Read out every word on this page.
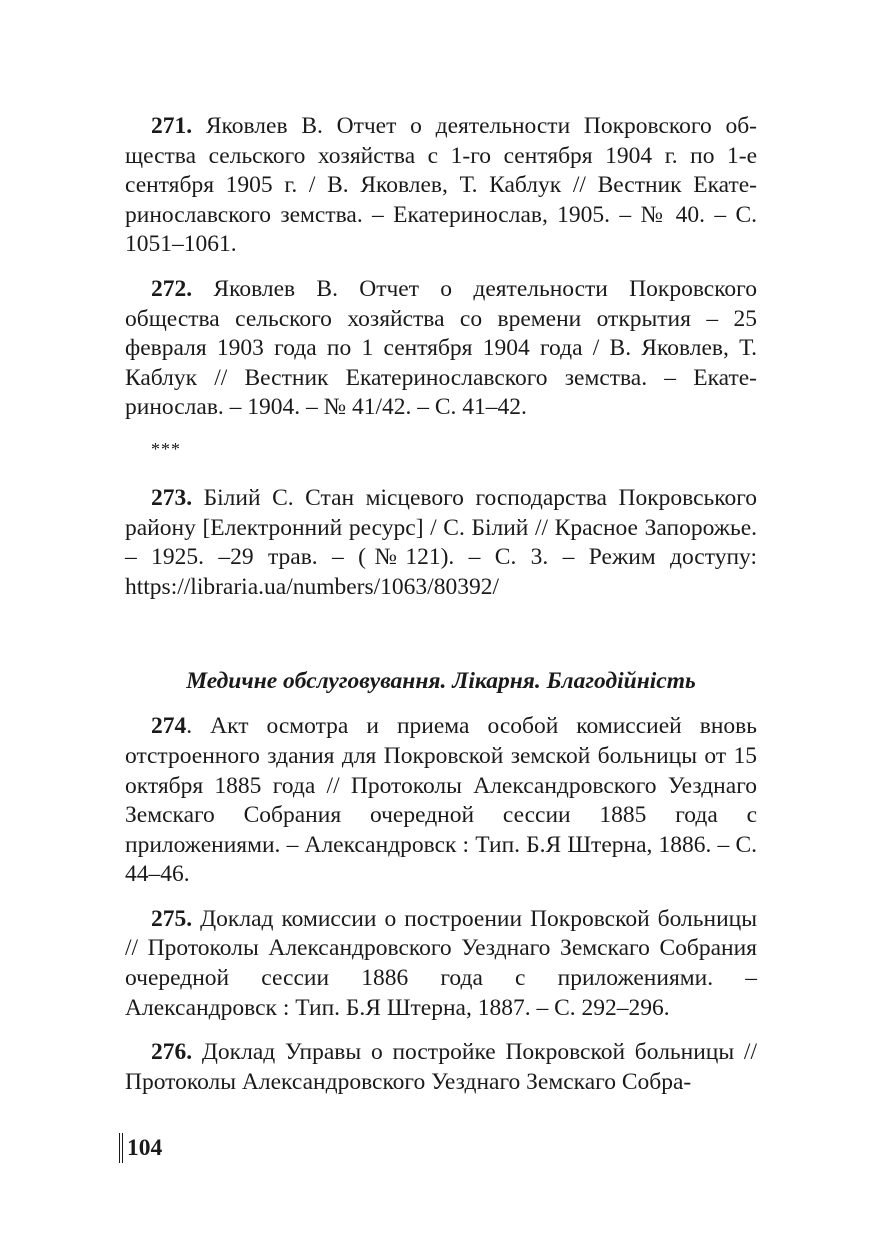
271. Яковлев В. Отчет о деятельности Покровского общества сельского хозяйства с 1-го сентября 1904 г. по 1-е сентября 1905 г. / В. Яковлев, Т. Каблук // Вестник Екатеринославского земства. – Екатеринослав, 1905. – № 40. – С. 1051–1061.

272. Яковлев В. Отчет о деятельности Покровского общества сельского хозяйства со времени открытия – 25 февраля 1903 года по 1 сентября 1904 года / В. Яковлев, Т. Каблук // Вестник Екатеринославского земства. – Екатеринослав. – 1904. – № 41/42. – С. 41–42.

***

273. Білий С. Стан місцевого господарства Покровського району [Електронний ресурс] / С. Білий // Красное Запорожье. – 1925. –29 трав. – (№121). – С. 3. – Режим доступу: https://libraria.ua/numbers/1063/80392/

Медичне обслуговування. Лікарня. Благодійність

274. Акт осмотра и приема особой комиссией вновь отстроенного здания для Покровской земской больницы от 15 октября 1885 года // Протоколы Александровского Уезднаго Земскаго Собрания очередной сессии 1885 года с приложениями. – Александровск : Тип. Б.Я Штерна, 1886. – С. 44–46.

275. Доклад комиссии о построении Покровской больницы // Протоколы Александровского Уезднаго Земскаго Собрания очередной сессии 1886 года с приложениями. – Александровск : Тип. Б.Я Штерна, 1887. – С. 292–296.

276. Доклад Управы о постройке Покровской больницы // Протоколы Александровского Уезднаго Земскаго Собра-

104
